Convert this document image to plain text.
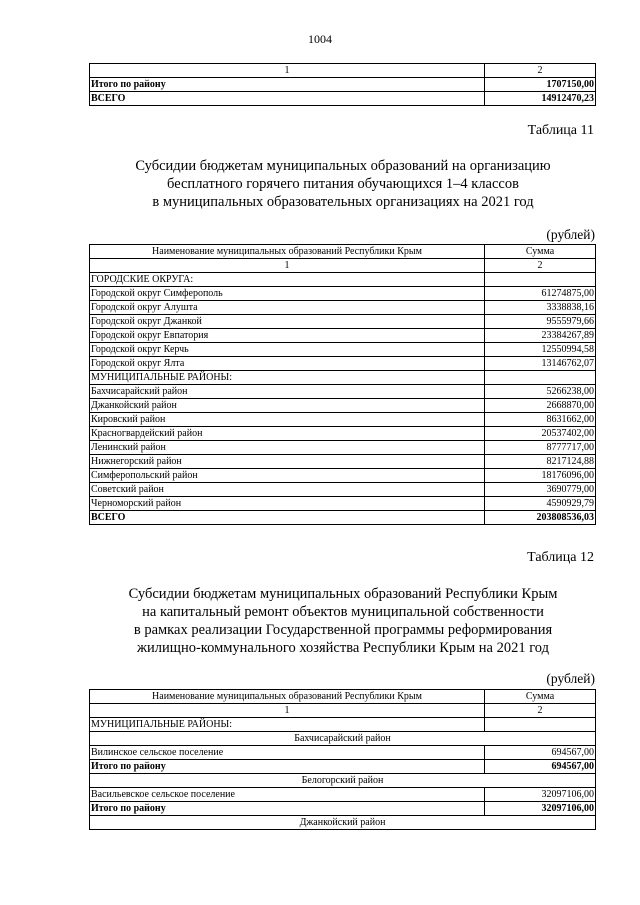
1004
1	2
Итого по району	1707150,00
ВСЕГО	14912470,23
Таблица 11
Субсидии бюджетам муниципальных образований на организацию
бесплатного горячего питания обучающихся 1–4 классов
в муниципальных образовательных организациях на 2021 год
(рублей)
Наименование муниципальных образований Республики Крым	Сумма
1	2
ГОРОДСКИЕ ОКРУГА:	
Городской округ Симферополь	61274875,00
Городской округ Алушта	3338838,16
Городской округ Джанкой	9555979,66
Городской округ Евпатория	23384267,89
Городской округ Керчь	12550994,58
Городской округ Ялта	13146762,07
МУНИЦИПАЛЬНЫЕ РАЙОНЫ:	
Бахчисарайский район	5266238,00
Джанкойский район	2668870,00
Кировский район	8631662,00
Красногвардейский район	20537402,00
Ленинский район	8777717,00
Нижнегорский район	8217124,88
Симферопольский район	18176096,00
Советский район	3690779,00
Черноморский район	4590929,79
ВСЕГО	203808536,03
Таблица 12
Субсидии бюджетам муниципальных образований Республики Крым
на капитальный ремонт объектов муниципальной собственности
в рамках реализации Государственной программы реформирования
жилищно-коммунального хозяйства Республики Крым на 2021 год
(рублей)
Наименование муниципальных образований Республики Крым	Сумма
1	2
МУНИЦИПАЛЬНЫЕ РАЙОНЫ:	
Бахчисарайский район	
Вилинское сельское поселение	694567,00
Итого по району	694567,00
Белогорский район	
Васильевское сельское поселение	32097106,00
Итого по району	32097106,00
Джанкойский район	
